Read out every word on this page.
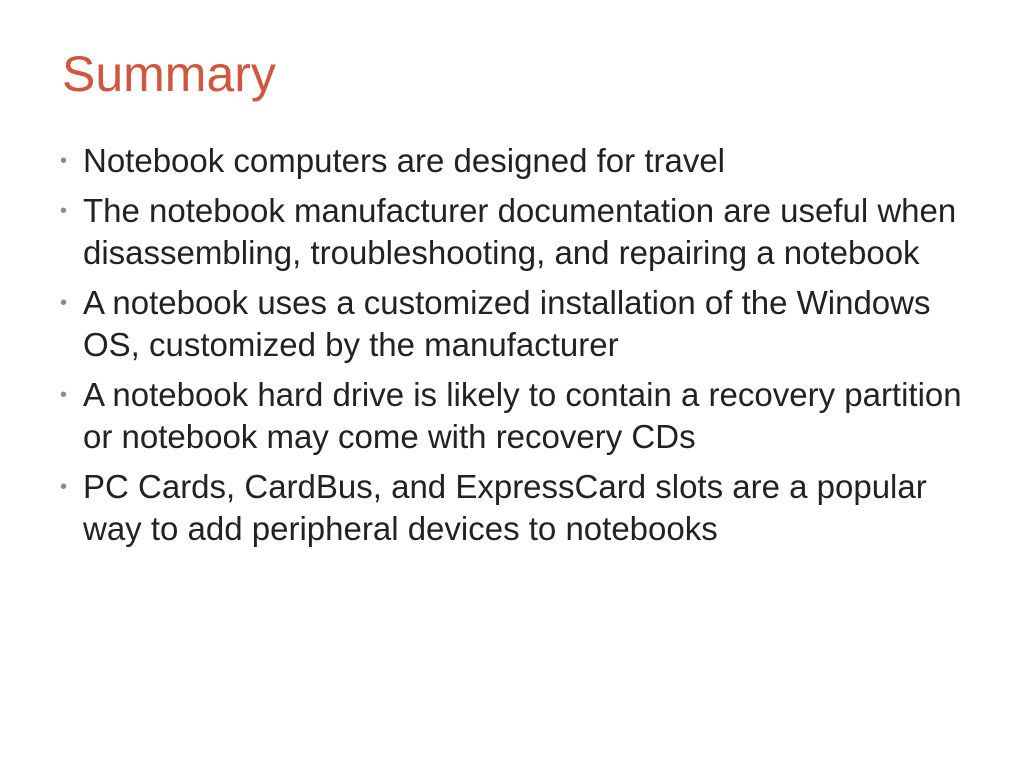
Summary
• Notebook computers are designed for travel
• The notebook manufacturer documentation are useful when disassembling, troubleshooting, and repairing a notebook
• A notebook uses a customized installation of the Windows OS, customized by the manufacturer
• A notebook hard drive is likely to contain a recovery partition or notebook may come with recovery CDs
• PC Cards, CardBus, and ExpressCard slots are a popular way to add peripheral devices to notebooks
